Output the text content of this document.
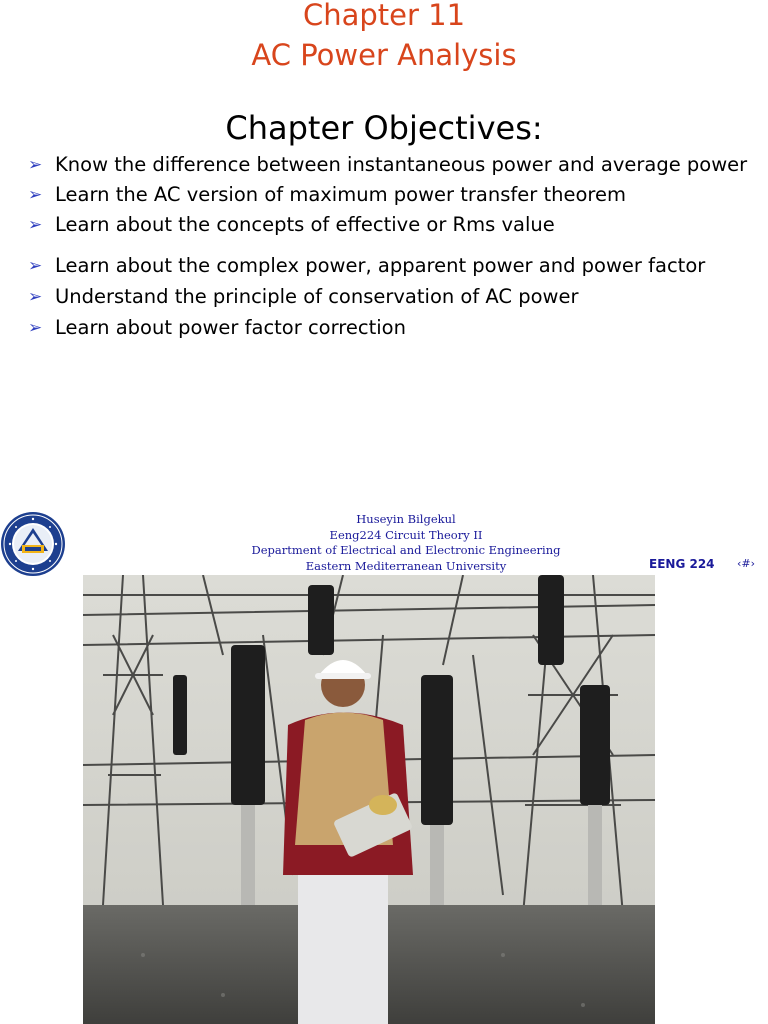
Chapter 11
AC Power Analysis
Chapter Objectives:
➢ Know the difference between instantaneous power and average power
➢ Learn the AC version of maximum power transfer theorem
➢ Learn about the concepts of effective or Rms value
➢ Learn about the complex power, apparent power and power factor
➢ Understand the principle of conservation of AC power
➢ Learn about power factor correction
Huseyin Bilgekul
Eeng224 Circuit Theory II
Department of Electrical and Electronic Engineering
Eastern Mediterranean University	EENG 224 ‹#›
